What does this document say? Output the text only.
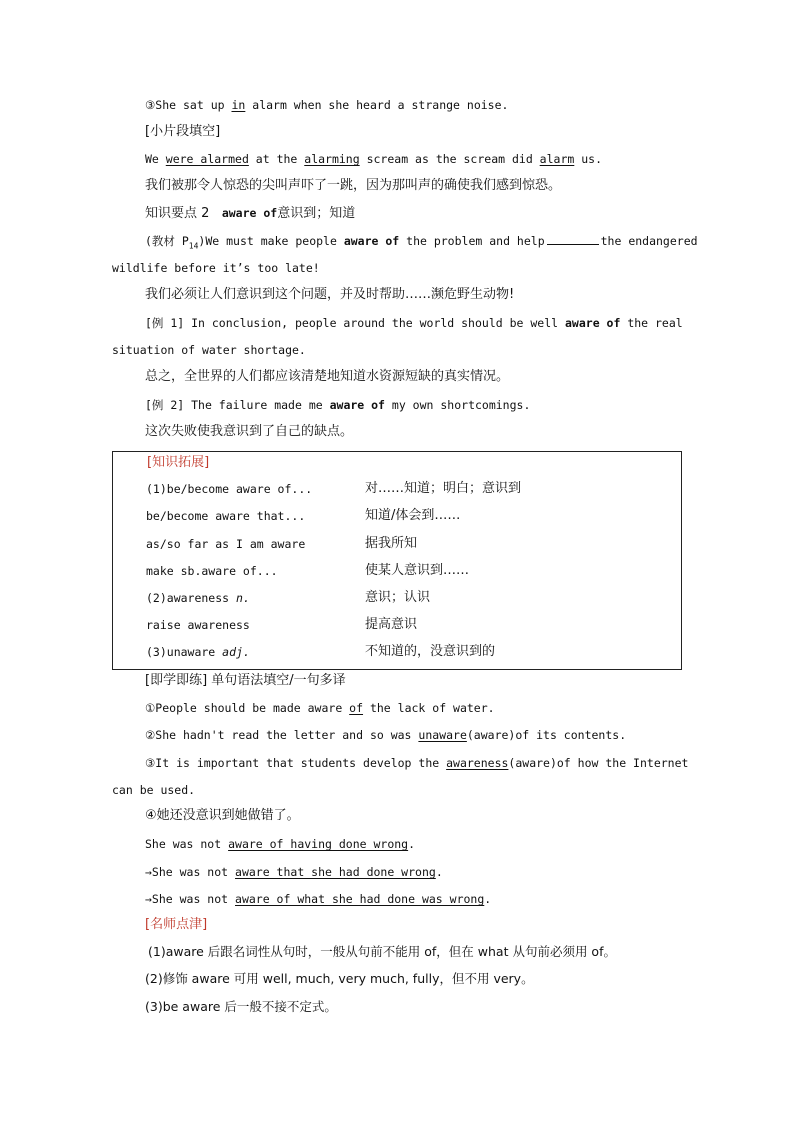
③She sat up in alarm when she heard a strange noise.
[小片段填空]
We were alarmed at the alarming scream as the scream did alarm us.
我们被那令人惊恐的尖叫声吓了一跳，因为那叫声的确使我们感到惊恐。
知识要点 2 aware of意识到；知道
(教材 $P_{14})We$ must make people aware of the problem and help	the endangered
wildlife before it’s too late!
我们必须让人们意识到这个问题，并及时帮助……濒危野生动物!
[例 1] In conclusion, people around the world should be well aware of the real
situation of water shortage.
总之，全世界的人们都应该清楚地知道水资源短缺的真实情况。
[例 2] The failure made me aware of my own shortcomings.
这次失败使我意识到了自己的缺点。
[知识拓展]
(1)be/become aware of...	对……知道；明白；意识到
be/become aware that...	知道/体会到……
as/so far as I am aware	据我所知
make sb.aware of...	使某人意识到……
(2)awareness n.	意识；认识
raise awareness	提高意识
(3)unaware adj.	不知道的，没意识到的
[即学即练] 单句语法填空/一句多译
①People should be made aware of the lack of water.
②She hadn't read the letter and so was unaware(aware)of its contents.
③It is important that students develop the awareness(aware)of how the Internet
can be used.
④她还没意识到她做错了。
She was not aware of having done wrong.
→She was not aware that she had done wrong.
→She was not aware of what she had done was wrong.
[名师点津]
(1)aware 后跟名词性从句时，一般从句前不能用 of，但在 what 从句前必须用 of。
(2)修饰 aware 可用 well, much, very much, fully，但不用 very。
(3)be aware 后一般不接不定式。
